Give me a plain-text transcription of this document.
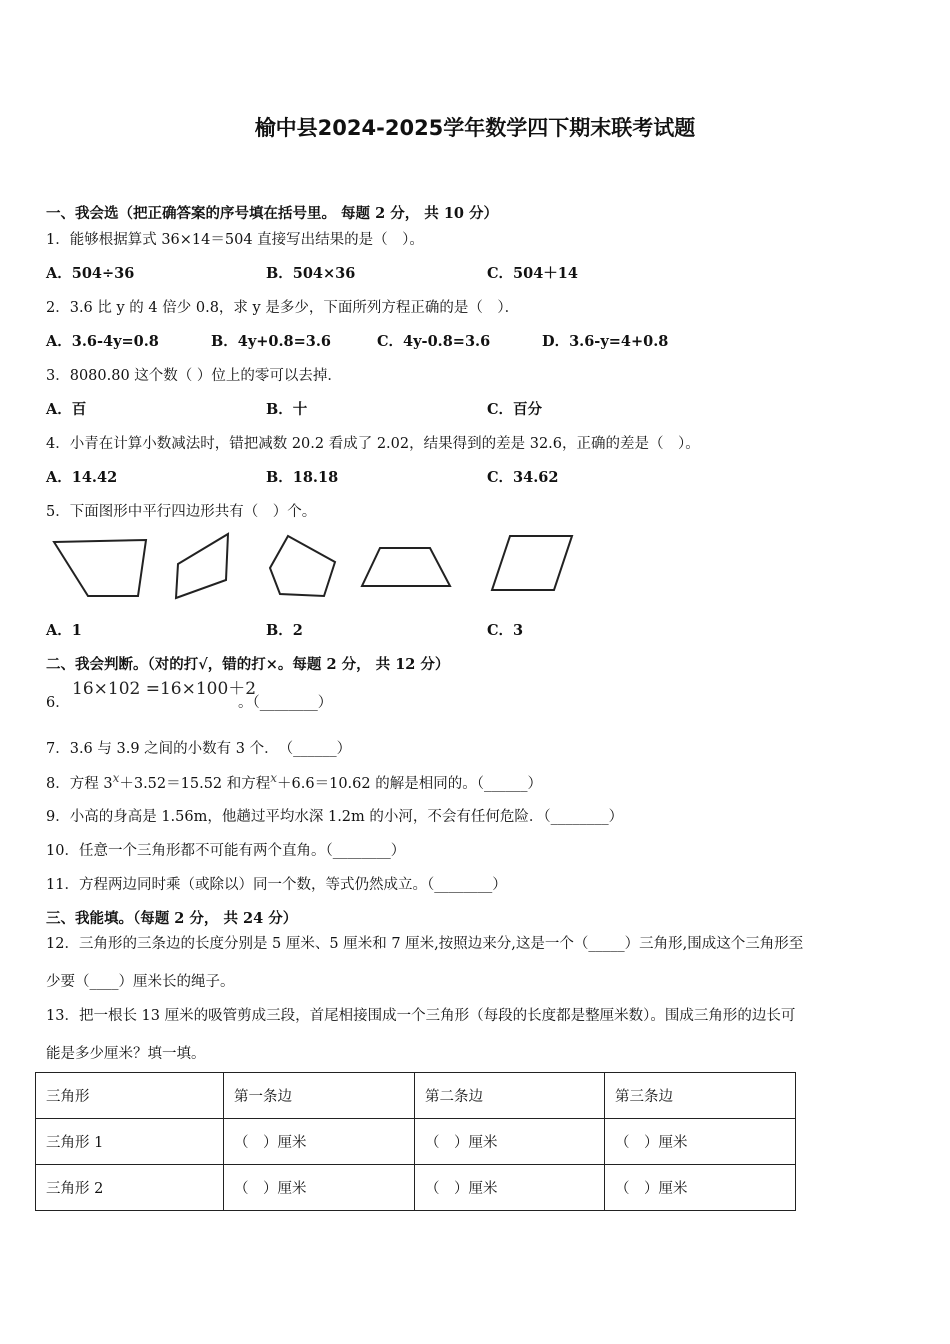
榆中县2024-2025学年数学四下期末联考试题
一、我会选（把正确答案的序号填在括号里。 每题 2 分， 共 10 分）
1．能够根据算式 36×14＝504 直接写出结果的是（　）。
A．504÷36	B．504×36	C．504＋14
2．3.6 比 y 的 4 倍少 0.8，求 y 是多少，下面所列方程正确的是（　）．
A．3.6-4y=0.8	B．4y+0.8=3.6	C．4y-0.8=3.6	D．3.6-y=4+0.8
3．8080.80 这个数（ ）位上的零可以去掉．
A．百	B．十	C．百分
4．小青在计算小数减法时，错把减数 20.2 看成了 2.02，结果得到的差是 32.6，正确的差是（　）。
A．14.42	B．18.18	C．34.62
5．下面图形中平行四边形共有（　）个。
A．1	B．2	C．3
二、我会判断。（对的打√，错的打×。每题 2 分， 共 12 分）
6．
16×102 =16×100＋2
。（________）
7．3.6 与 3.9 之间的小数有 3 个．　（______）
8．方程 $3^x+3.52=15.52$ 和方程$^x$＋6.6＝10.62 的解是相同的。（______）
9．小高的身高是 1.56m，他趟过平均水深 1.2m 的小河，不会有任何危险．（________）
10．任意一个三角形都不可能有两个直角。（________）
11．方程两边同时乘（或除以）同一个数，等式仍然成立。（________）
三、我能填。（每题 2 分， 共 24 分）
12．三角形的三条边的长度分别是 5 厘米、5 厘米和 7 厘米,按照边来分,这是一个（_____）三角形,围成这个三角形至
少要（____）厘米长的绳子。
13．把一根长 13 厘米的吸管剪成三段，首尾相接围成一个三角形（每段的长度都是整厘米数）。围成三角形的边长可
能是多少厘米？填一填。
三角形	第一条边	第二条边	第三条边
三角形 1	（　）厘米	（　）厘米	（　）厘米
三角形 2	（　）厘米	（　）厘米	（　）厘米
